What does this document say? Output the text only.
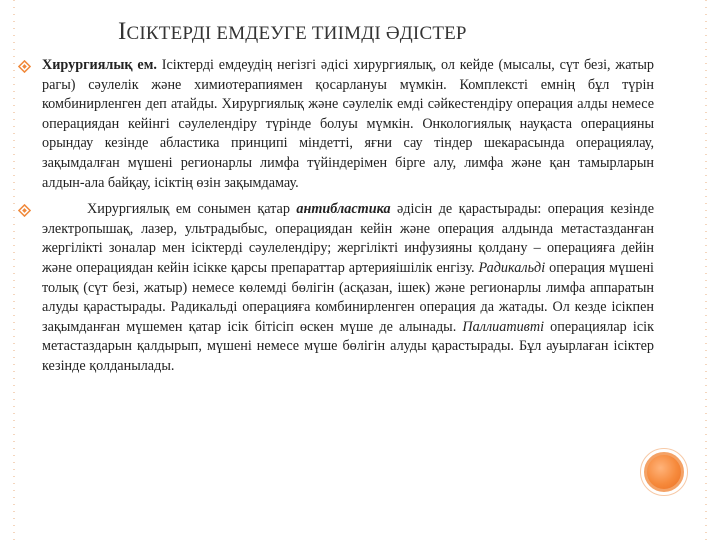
ІСІКТЕРДІ ЕМДЕУГЕ ТИІМДІ ӘДІСТЕР

Хирургиялық ем. Ісіктерді емдеудің негізгі әдісі хирургиялық, ол кейде (мысалы, сүт безі, жатыр рагы) сәулелік және химиотерапиямен қосарлануы мүмкін. Комплексті емнің бұл түрін комбинирленген деп атайды. Хирургиялық және сәулелік емді сәйкестендіру операция алды немесе операциядан кейінгі сәулелендіру түрінде болуы мүмкін. Онкологиялық науқаста операцияны орындау кезінде абластика принципі міндетті, яғни сау тіндер шекарасында операциялау, зақымдалған мүшені регионарлы лимфа түйіндерімен бірге алу, лимфа және қан тамырларын алдын-ала байқау, ісіктің өзін зақымдамау.

Хирургиялық ем сонымен қатар антибластика әдісін де қарастырады: операция кезінде электропышақ, лазер, ультрадыбыс, операциядан кейін және операция алдында метастазданған жергілікті зоналар мен ісіктерді сәулелендіру; жергілікті инфузияны қолдану – операцияға дейін және операциядан кейін ісікке қарсы препараттар артерияішілік енгізу. Радикальді операция мүшені толық (сүт безі, жатыр) немесе көлемді бөлігін (асқазан, ішек) және регионарлы лимфа аппаратын алуды қарастырады. Радикальді операцияға комбинирленген операция да жатады. Ол кезде ісікпен зақымданған мүшемен қатар ісік бітісіп өскен мүше де алынады. Паллиативті операциялар ісік метастаздарын қалдырып, мүшені немесе мүше бөлігін алуды қарастырады. Бұл ауырлаған ісіктер кезінде қолданылады.
